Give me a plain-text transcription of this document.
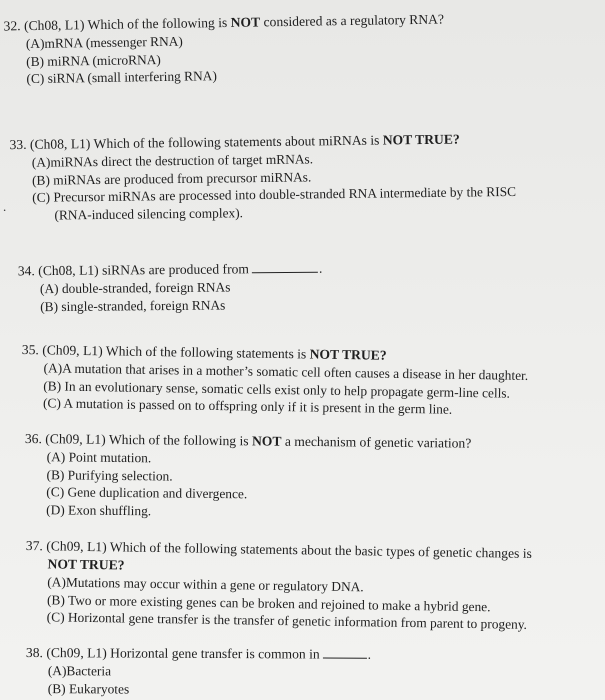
.
32. (Ch08, L1) Which of the following is NOT considered as a regulatory RNA?
(A)mRNA (messenger RNA)
(B) miRNA (microRNA)
(C) siRNA (small interfering RNA)
33. (Ch08, L1) Which of the following statements about miRNAs is NOT TRUE?
(A)miRNAs direct the destruction of target mRNAs.
(B) miRNAs are produced from precursor miRNAs.
(C) Precursor miRNAs are processed into double-stranded RNA intermediate by the RISC
(RNA-induced silencing complex).
34. (Ch08, L1) siRNAs are produced from	.
(A) double-stranded, foreign RNAs
(B) single-stranded, foreign RNAs
35. (Ch09, L1) Which of the following statements is NOT TRUE?
(A)A mutation that arises in a mother’s somatic cell often causes a disease in her daughter.
(B) In an evolutionary sense, somatic cells exist only to help propagate germ-line cells.
(C) A mutation is passed on to offspring only if it is present in the germ line.
36. (Ch09, L1) Which of the following is NOT a mechanism of genetic variation?
(A) Point mutation.
(B) Purifying selection.
(C) Gene duplication and divergence.
(D) Exon shuffling.
37. (Ch09, L1) Which of the following statements about the basic types of genetic changes is
NOT TRUE?
(A)Mutations may occur within a gene or regulatory DNA.
(B) Two or more existing genes can be broken and rejoined to make a hybrid gene.
(C) Horizontal gene transfer is the transfer of genetic information from parent to progeny.
38. (Ch09, L1) Horizontal gene transfer is common in	.
(A)Bacteria
(B) Eukaryotes
